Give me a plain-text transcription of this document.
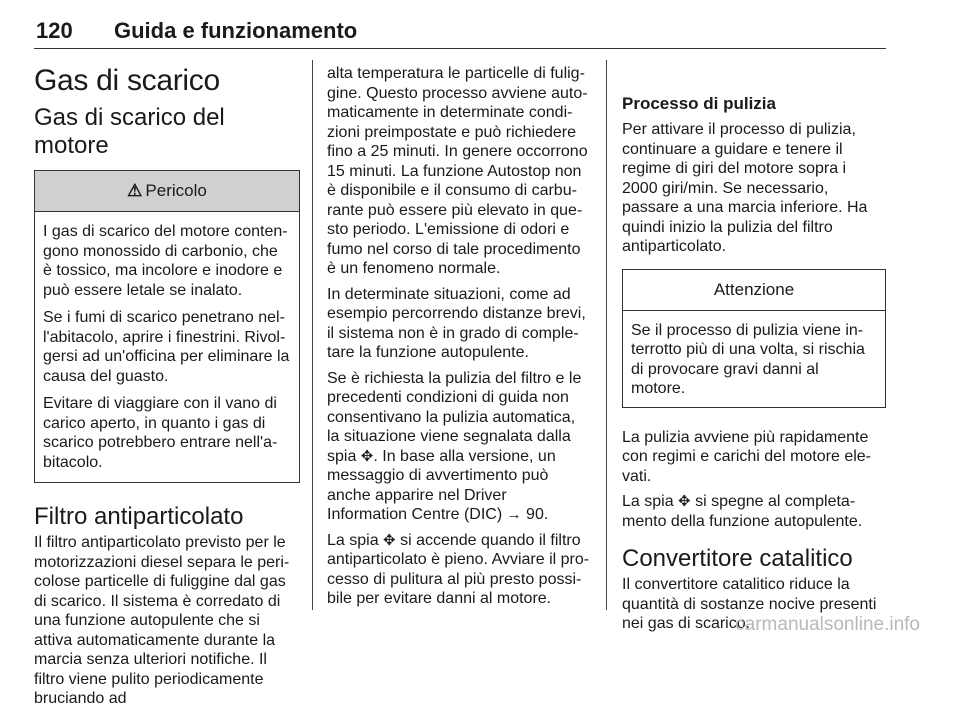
120 Guida e funzionamento
Gas di scarico
Gas di scarico del motore
⚠ Pericolo

I gas di scarico del motore contengono monossido di carbonio, che è tossico, ma incolore e inodore e può essere letale se inalato.

Se i fumi di scarico penetrano nell'abitacolo, aprire i finestrini. Rivolgersi ad un'officina per eliminare la causa del guasto.

Evitare di viaggiare con il vano di carico aperto, in quanto i gas di scarico potrebbero entrare nell'abitacolo.

Filtro antiparticolato

Il filtro antiparticolato previsto per le motorizzazioni diesel separa le pericolose particelle di fuliggine dal gas di scarico. Il sistema è corredato di una funzione autopulente che si attiva automaticamente durante la marcia senza ulteriori notifiche. Il filtro viene pulito periodicamente bruciando ad

alta temperatura le particelle di fuliggine. Questo processo avviene automaticamente in determinate condizioni preimpostate e può richiedere fino a 25 minuti. In genere occorrono 15 minuti. La funzione Autostop non è disponibile e il consumo di carburante può essere più elevato in questo periodo. L'emissione di odori e fumo nel corso di tale procedimento è un fenomeno normale.

In determinate situazioni, come ad esempio percorrendo distanze brevi, il sistema non è in grado di completare la funzione autopulente.

Se è richiesta la pulizia del filtro e le precedenti condizioni di guida non consentivano la pulizia automatica, la situazione viene segnalata dalla spia ✥. In base alla versione, un messaggio di avvertimento può anche apparire nel Driver Information Centre (DIC) → 90.

La spia ✥ si accende quando il filtro antiparticolato è pieno. Avviare il processo di pulitura al più presto possibile per evitare danni al motore.

Processo di pulizia

Per attivare il processo di pulizia, continuare a guidare e tenere il regime di giri del motore sopra i 2000 giri/min. Se necessario, passare a una marcia inferiore. Ha quindi inizio la pulizia del filtro antiparticolato.

Attenzione

Se il processo di pulizia viene interrotto più di una volta, si rischia di provocare gravi danni al motore.

La pulizia avviene più rapidamente con regimi e carichi del motore elevati.

La spia ✥ si spegne al completamento della funzione autopulente.

Convertitore catalitico

Il convertitore catalitico riduce la quantità di sostanze nocive presenti nei gas di scarico.

carmanualsonline.info
